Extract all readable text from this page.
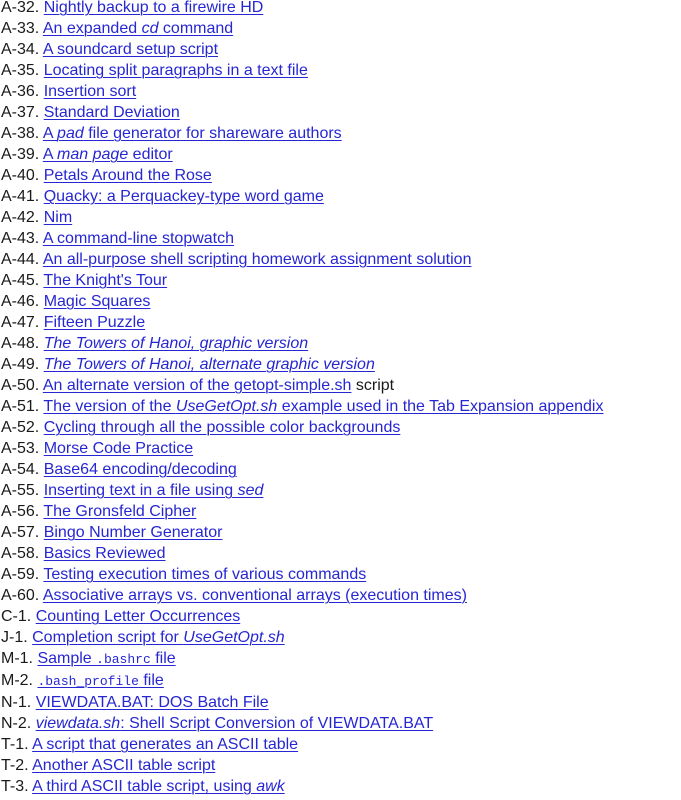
A-32. Nightly backup to a firewire HD
A-33. An expanded cd command
A-34. A soundcard setup script
A-35. Locating split paragraphs in a text file
A-36. Insertion sort
A-37. Standard Deviation
A-38. A pad file generator for shareware authors
A-39. A man page editor
A-40. Petals Around the Rose
A-41. Quacky: a Perquackey-type word game
A-42. Nim
A-43. A command-line stopwatch
A-44. An all-purpose shell scripting homework assignment solution
A-45. The Knight's Tour
A-46. Magic Squares
A-47. Fifteen Puzzle
A-48. The Towers of Hanoi, graphic version
A-49. The Towers of Hanoi, alternate graphic version
A-50. An alternate version of the getopt-simple.sh script
A-51. The version of the UseGetOpt.sh example used in the Tab Expansion appendix
A-52. Cycling through all the possible color backgrounds
A-53. Morse Code Practice
A-54. Base64 encoding/decoding
A-55. Inserting text in a file using sed
A-56. The Gronsfeld Cipher
A-57. Bingo Number Generator
A-58. Basics Reviewed
A-59. Testing execution times of various commands
A-60. Associative arrays vs. conventional arrays (execution times)
C-1. Counting Letter Occurrences
J-1. Completion script for UseGetOpt.sh
M-1. Sample .bashrc file
M-2. .bash_profile file
N-1. VIEWDATA.BAT: DOS Batch File
N-2. viewdata.sh: Shell Script Conversion of VIEWDATA.BAT
T-1. A script that generates an ASCII table
T-2. Another ASCII table script
T-3. A third ASCII table script, using awk
